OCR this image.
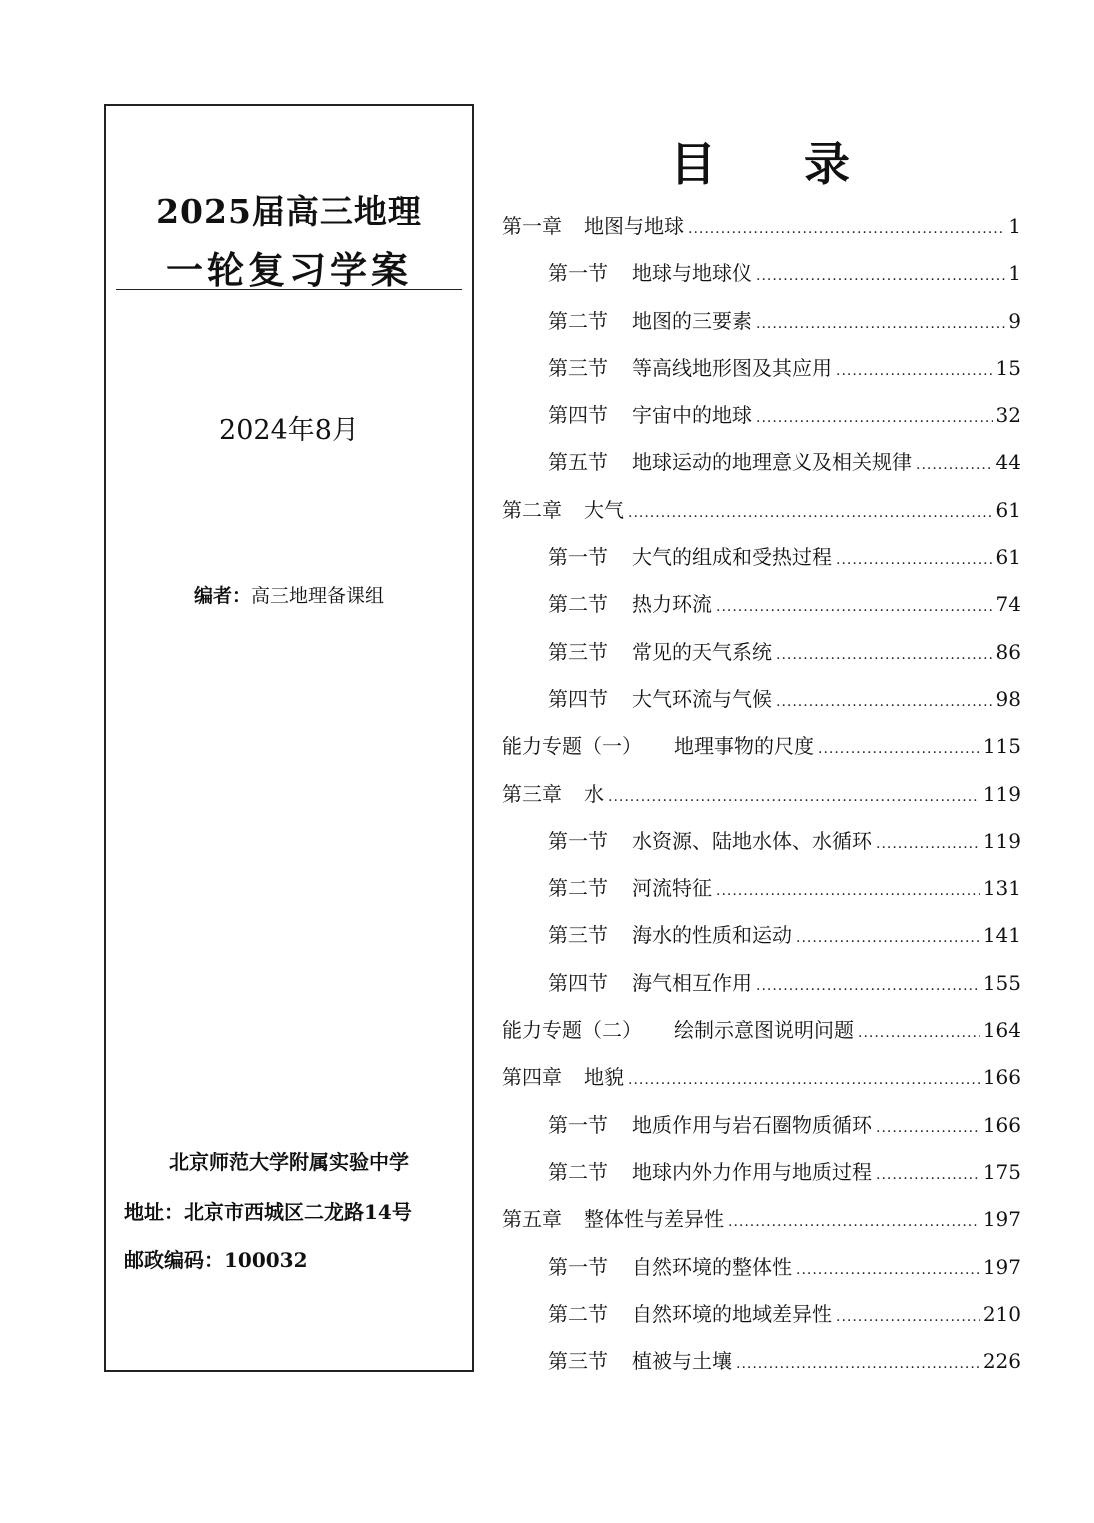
2025届高三地理
一轮复习学案
2024年8月
编者：高三地理备课组
北京师范大学附属实验中学
地址：北京市西城区二龙路14号
邮政编码：100032
目 录
第一章 地图与地球 .....	1
第一节 地球与地球仪 .....	1
第二节 地图的三要素 .....	9
第三节 等高线地形图及其应用 .....	15
第四节 宇宙中的地球 .....	32
第五节 地球运动的地理意义及相关规律 .....	44
第二章 大气 .....	61
第一节 大气的组成和受热过程 .....	61
第二节 热力环流 .....	74
第三节 常见的天气系统 .....	86
第四节 大气环流与气候 .....	98
能力专题（一） 地理事物的尺度 .....	115
第三章 水 .....	119
第一节 水资源、陆地水体、水循环 .....	119
第二节 河流特征 .....	131
第三节 海水的性质和运动 .....	141
第四节 海气相互作用 .....	155
能力专题（二） 绘制示意图说明问题 .....	164
第四章 地貌 .....	166
第一节 地质作用与岩石圈物质循环 .....	166
第二节 地球内外力作用与地质过程 .....	175
第五章 整体性与差异性 .....	197
第一节 自然环境的整体性 .....	197
第二节 自然环境的地域差异性 .....	210
第三节 植被与土壤 .....	226
